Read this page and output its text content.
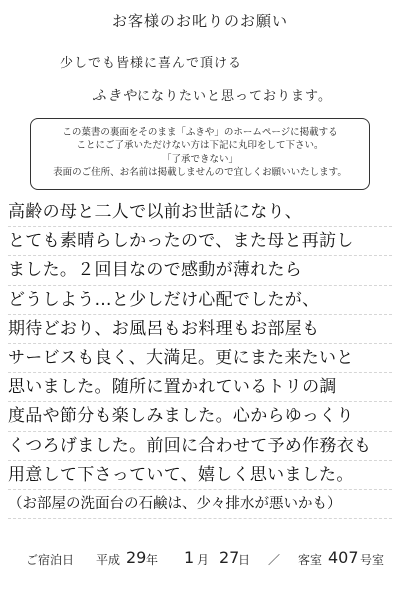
お客様のお叱りのお願い
少しでも皆様に喜んで頂ける
ふきやになりたいと思っております。
この葉書の裏面をそのまま「ふきや」のホームページに掲載する
ことにご了承いただけない方は下記に丸印をして下さい。
「了承できない」
表面のご住所、お名前は掲載しませんので宜しくお願いいたします。
高齢の母と二人で以前お世話になり、
とても素晴らしかったので、また母と再訪し
ました。２回目なので感動が薄れたら
どうしよう…と少しだけ心配でしたが、
期待どおり、お風呂もお料理もお部屋も
サービスも良く、大満足。更にまた来たいと
思いました。随所に置かれているトリの調
度品や節分も楽しみました。心からゆっくり
くつろげました。前回に合わせて予め作務衣も
用意して下さっていて、嬉しく思いました。
（お部屋の洗面台の石鹸は、少々排水が悪いかも）
ご宿泊日 平成 29 年 1 月 27
日 ／ 客室 407 号室
